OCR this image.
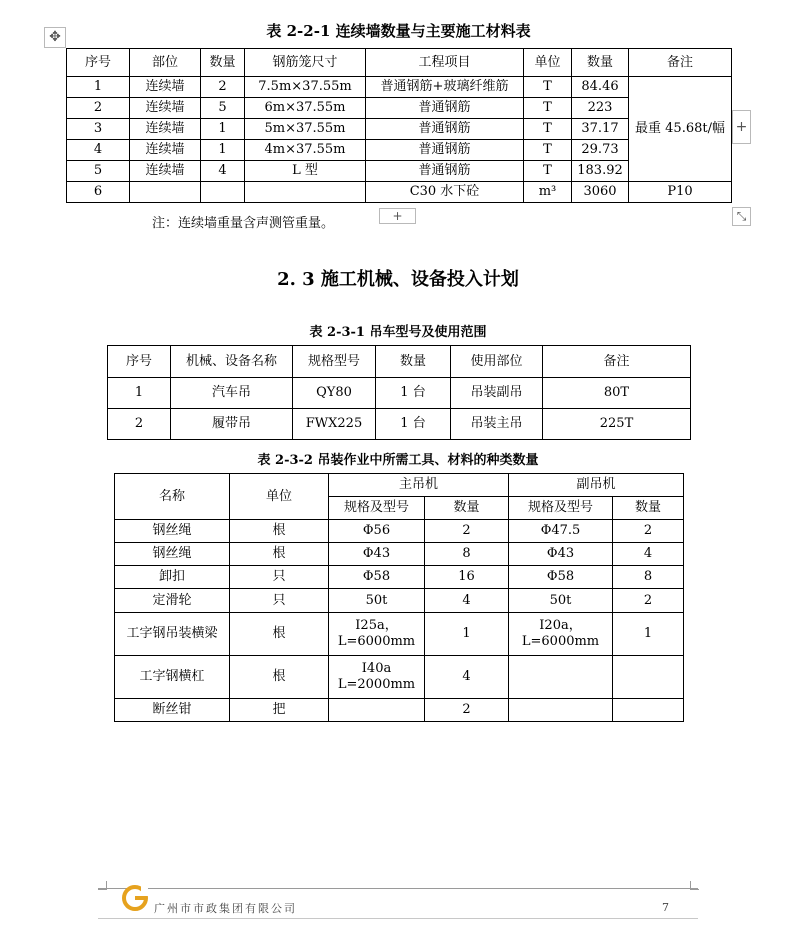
表 2-2-1 连续墙数量与主要施工材料表
✥
序号	部位	数量	钢筋笼尺寸	工程项目	单位	数量	备注
1	连续墙	2	7.5m×37.55m	普通钢筋+玻璃纤维筋	T	84.46	最重 45.68t/幅
2	连续墙	5	6m×37.55m	普通钢筋	T	223	
3	连续墙	1	5m×37.55m	普通钢筋	T	37.17	
4	连续墙	1	4m×37.55m	普通钢筋	T	29.73	
5	连续墙	4	L 型	普通钢筋	T	183.92	
6				C30 水下砼	m³	3060	P10
+
+	⤡
注：连续墙重量含声测管重量。
2. 3 施工机械、设备投入计划
表 2-3-1 吊车型号及使用范围
序号	机械、设备名称	规格型号	数量	使用部位	备注
1	汽车吊	QY80	1 台	吊装副吊	80T
2	履带吊	FWX225	1 台	吊装主吊	225T
表 2-3-2 吊装作业中所需工具、材料的种类数量
名称	单位	主吊机		副吊机	
		规格及型号	数量	规格及型号	数量
钢丝绳	根	Φ56	2	Φ47.5	2
钢丝绳	根	Φ43	8	Φ43	4
卸扣	只	Φ58	16	Φ58	8
定滑轮	只	50t	4	50t	2
工字钢吊装横梁	根	I25a，
L=6000mm	1	I20a，
L=6000mm	1
工字钢横杠	根	I40a
L=2000mm	4		
断丝钳	把		2		
广州市市政集团有限公司	7
